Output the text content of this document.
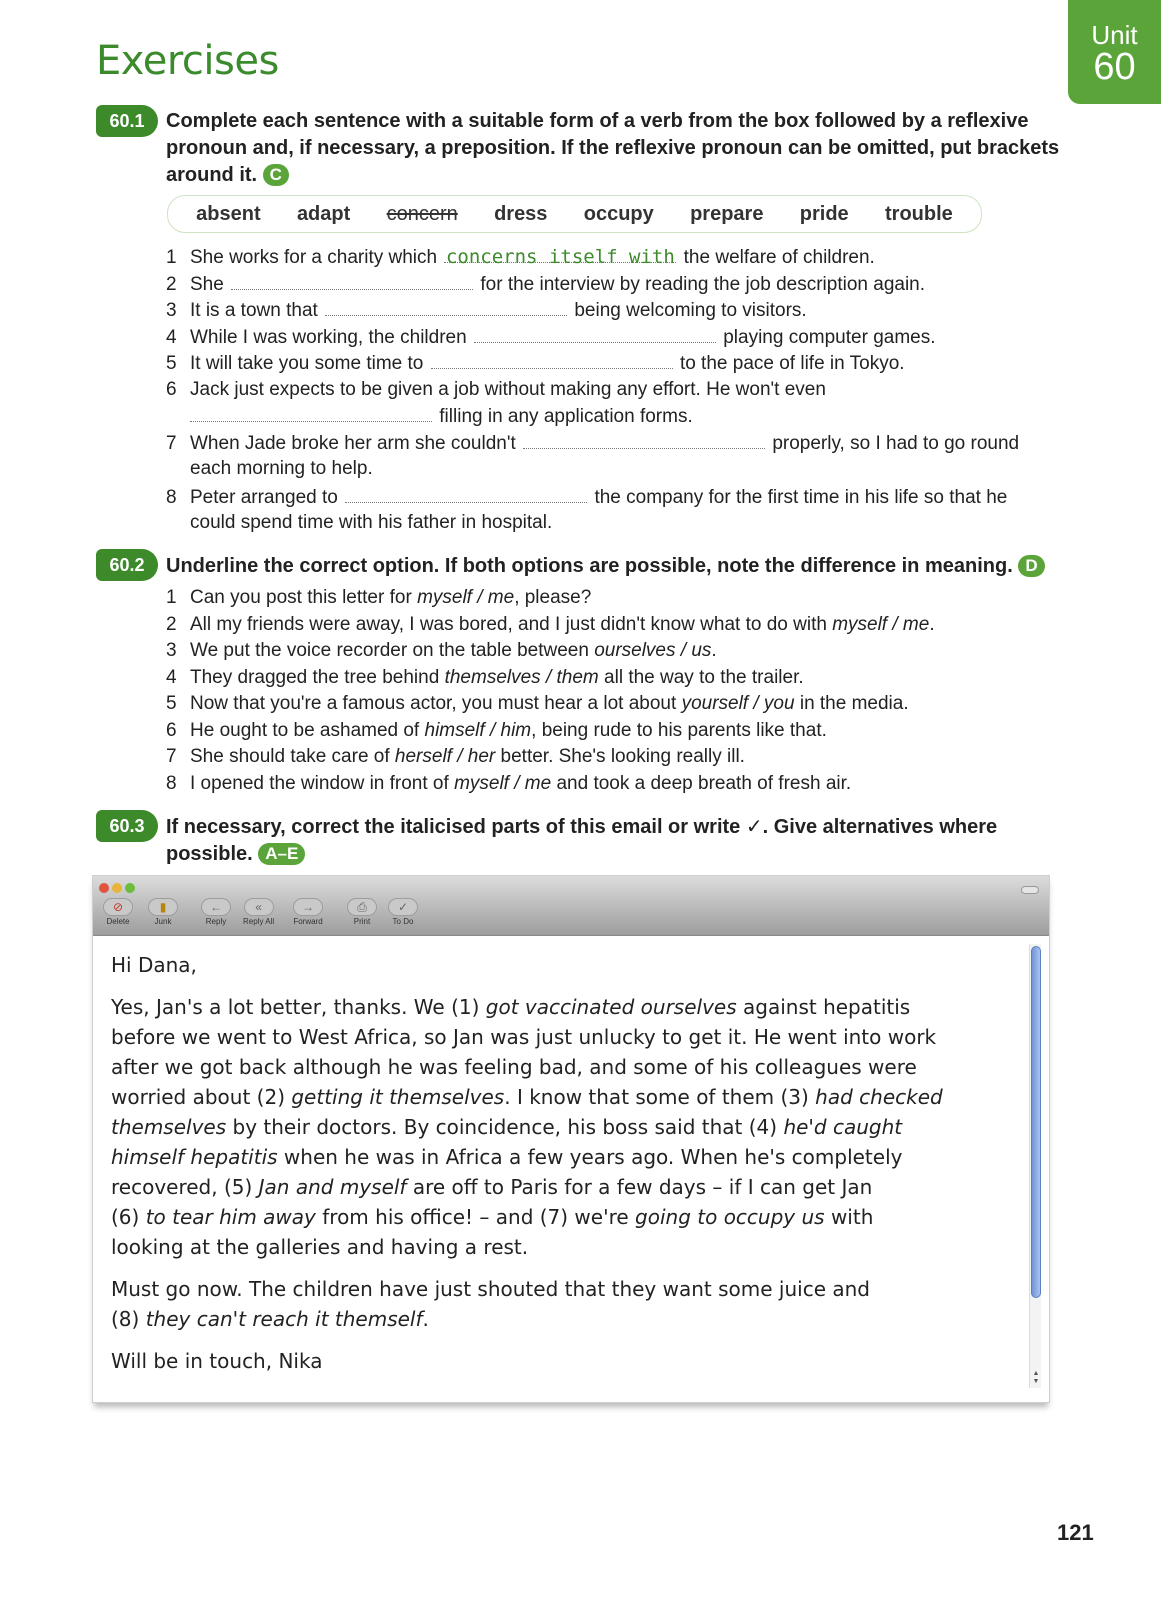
Exercises
Unit
60
60.1	Complete each sentence with a suitable form of a verb from the box followed by a reflexive
pronoun and, if necessary, a preposition. If the reflexive pronoun can be omitted, put brackets
around it. C
absent adapt concern dress occupy prepare pride trouble
1 She works for a charity which concerns itself with the welfare of children.
2 She	for the interview by reading the job description again.
3 It is a town that	being welcoming to visitors.
4 While I was working, the children	playing computer games.
5 It will take you some time to	to the pace of life in Tokyo.
6 Jack just expects to be given a job without making any effort. He won't even
filling in any application forms.
7 When Jade broke her arm she couldn't	properly, so I had to go round
each morning to help.
8 Peter arranged to	the company for the first time in his life so that he
could spend time with his father in hospital.
60.2	Underline the correct option. If both options are possible, note the difference in meaning. D
1 Can you post this letter for myself / me, please?
2 All my friends were away, I was bored, and I just didn't know what to do with myself / me.
3 We put the voice recorder on the table between ourselves / us.
4 They dragged the tree behind themselves / them all the way to the trailer.
5 Now that you're a famous actor, you must hear a lot about yourself / you in the media.
6 He ought to be ashamed of himself / him, being rude to his parents like that.
7 She should take care of herself / her better. She's looking really ill.
8 I opened the window in front of myself / me and took a deep breath of fresh air.
60.3	If necessary, correct the italicised parts of this email or write ✓. Give alternatives where
possible. A–E
⊘
Delete
▮
Junk
←
Reply
«
Reply All
→
Forward
⎙
Print
✓
To Do

Hi Dana,

Yes, Jan's a lot better, thanks. We (1) got vaccinated ourselves against hepatitis
before we went to West Africa, so Jan was just unlucky to get it. He went into work
after we got back although he was feeling bad, and some of his colleagues were
worried about (2) getting it themselves. I know that some of them (3) had checked
themselves by their doctors. By coincidence, his boss said that (4) he'd caught
himself hepatitis when he was in Africa a few years ago. When he's completely
recovered, (5) Jan and myself are off to Paris for a few days – if I can get Jan
(6) to tear him away from his office! – and (7) we're going to occupy us with
looking at the galleries and having a rest.

Must go now. The children have just shouted that they want some juice and
(8) they can't reach it themself.

Will be in touch, Nika

▲
▼
121
